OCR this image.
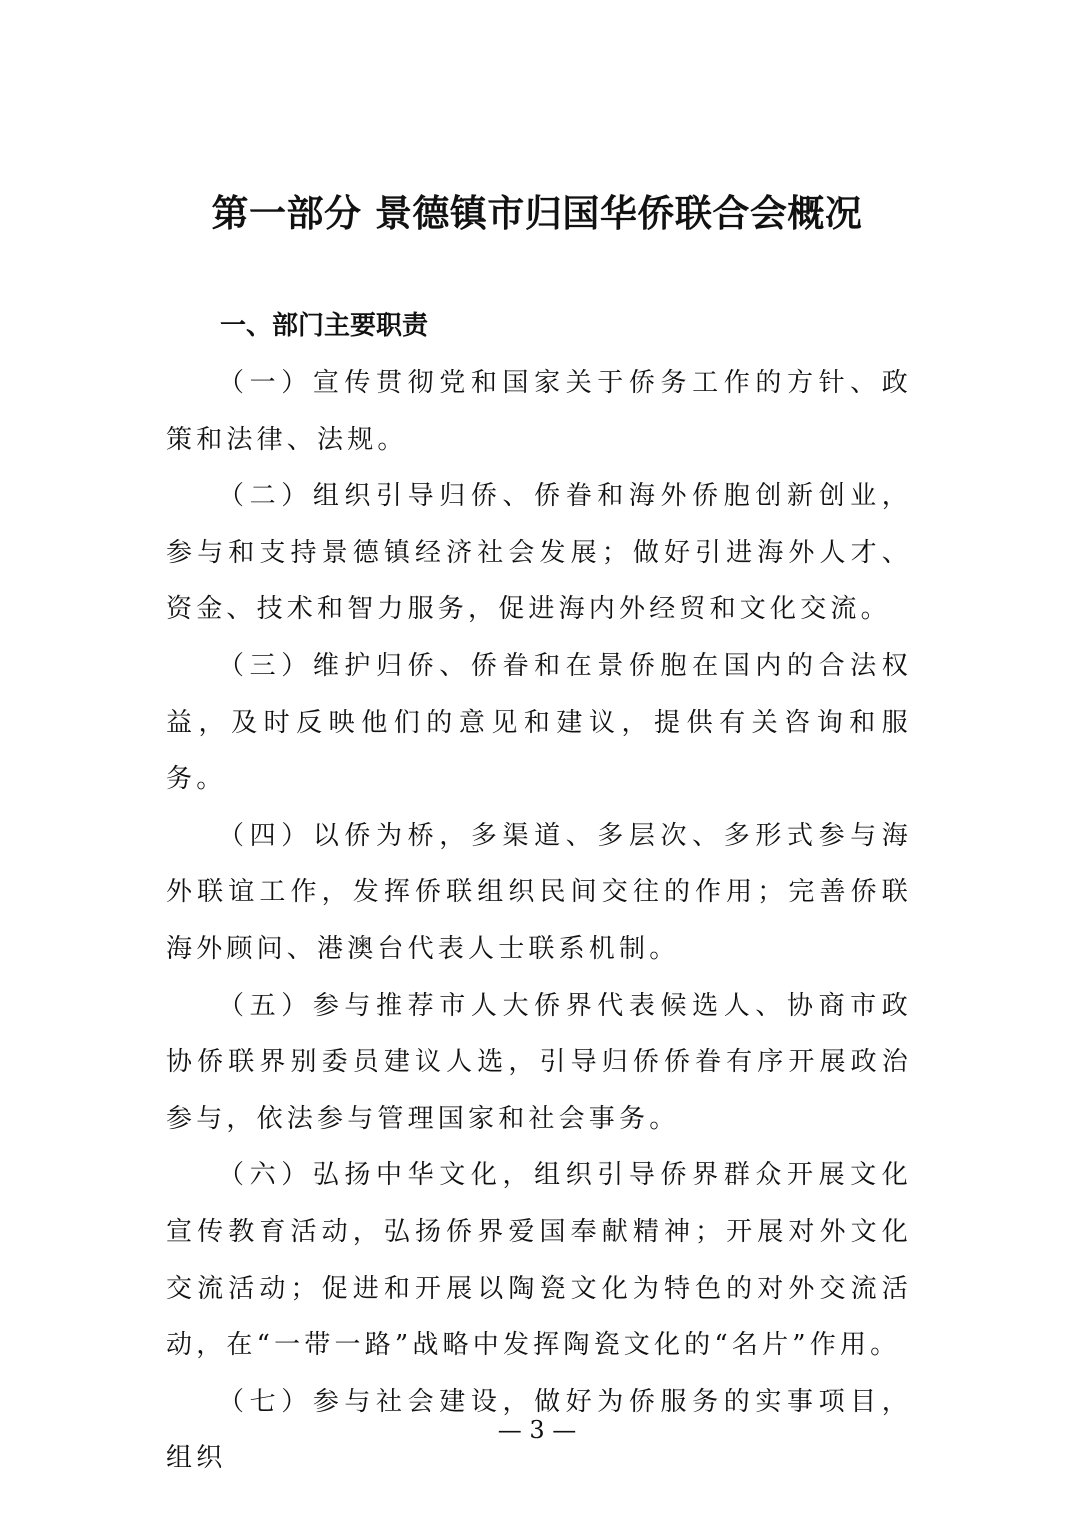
第一部分 景德镇市归国华侨联合会概况
一、部门主要职责

（一）宣传贯彻党和国家关于侨务工作的方针、政策和法律、法规。

（二）组织引导归侨、侨眷和海外侨胞创新创业，参与和支持景德镇经济社会发展；做好引进海外人才、资金、技术和智力服务，促进海内外经贸和文化交流。

（三）维护归侨、侨眷和在景侨胞在国内的合法权益，及时反映他们的意见和建议，提供有关咨询和服务。

（四）以侨为桥，多渠道、多层次、多形式参与海外联谊工作，发挥侨联组织民间交往的作用；完善侨联海外顾问、港澳台代表人士联系机制。

（五）参与推荐市人大侨界代表候选人、协商市政协侨联界别委员建议人选，引导归侨侨眷有序开展政治参与，依法参与管理国家和社会事务。

（六）弘扬中华文化，组织引导侨界群众开展文化宣传教育活动，弘扬侨界爱国奉献精神；开展对外文化交流活动；促进和开展以陶瓷文化为特色的对外交流活动，在“一带一路”战略中发挥陶瓷文化的“名片”作用。

（七）参与社会建设，做好为侨服务的实事项目，组织

— 3 —
